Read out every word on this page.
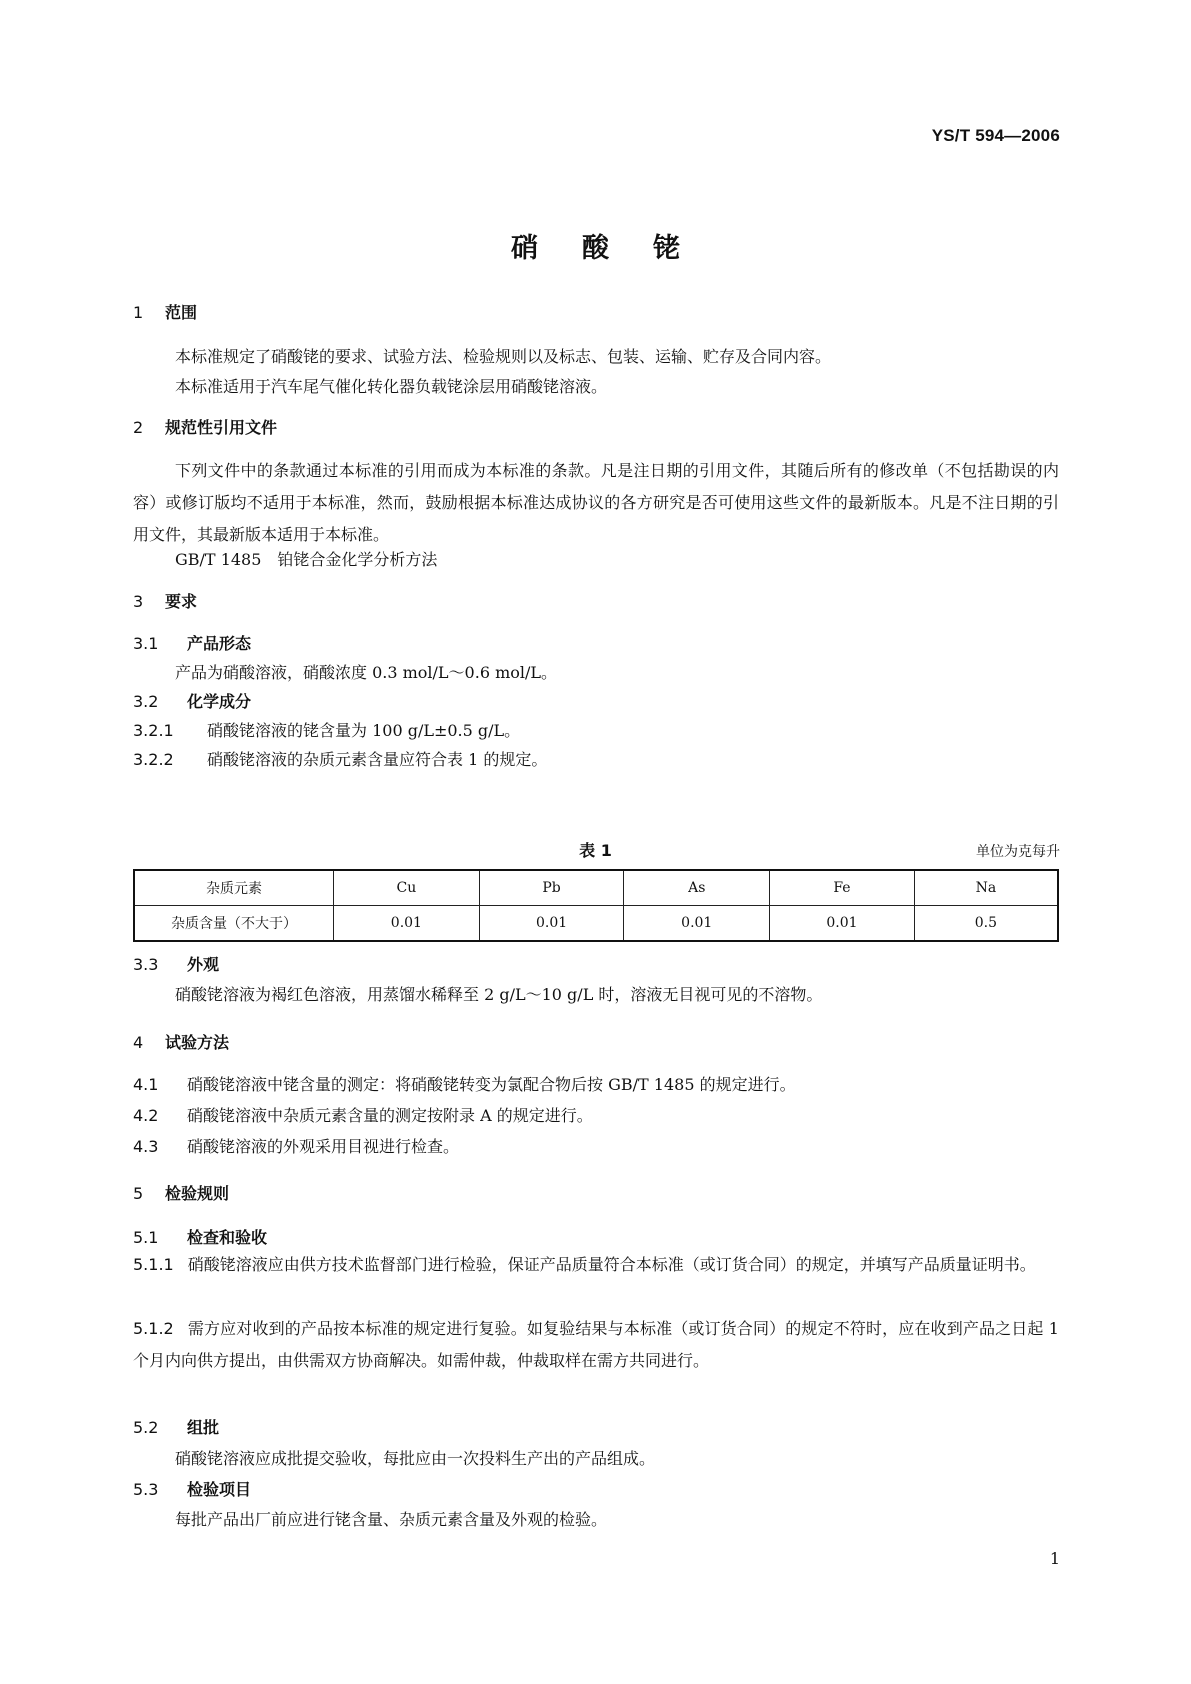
YS/T 594—2006
硝酸铑
1 范围
本标准规定了硝酸铑的要求、试验方法、检验规则以及标志、包装、运输、贮存及合同内容。
本标准适用于汽车尾气催化转化器负载铑涂层用硝酸铑溶液。
2 规范性引用文件
下列文件中的条款通过本标准的引用而成为本标准的条款。凡是注日期的引用文件，其随后所有的修改单（不包括勘误的内容）或修订版均不适用于本标准，然而，鼓励根据本标准达成协议的各方研究是否可使用这些文件的最新版本。凡是不注日期的引用文件，其最新版本适用于本标准。
GB/T 1485　铂铑合金化学分析方法
3 要求
3.1 产品形态
产品为硝酸溶液，硝酸浓度 0.3 mol/L～0.6 mol/L。
3.2 化学成分
3.2.1 硝酸铑溶液的铑含量为 100 g/L±0.5 g/L。
3.2.2 硝酸铑溶液的杂质元素含量应符合表 1 的规定。
表 1	单位为克每升
杂质元素	Cu	Pb	As	Fe	Na
杂质含量（不大于）	0.01	0.01	0.01	0.01	0.5
3.3 外观
硝酸铑溶液为褐红色溶液，用蒸馏水稀释至 2 g/L～10 g/L 时，溶液无目视可见的不溶物。
4 试验方法
4.1 硝酸铑溶液中铑含量的测定：将硝酸铑转变为氯配合物后按 GB/T 1485 的规定进行。
4.2 硝酸铑溶液中杂质元素含量的测定按附录 A 的规定进行。
4.3 硝酸铑溶液的外观采用目视进行检查。
5 检验规则
5.1 检查和验收
5.1.1 硝酸铑溶液应由供方技术监督部门进行检验，保证产品质量符合本标准（或订货合同）的规定，并填写产品质量证明书。
5.1.2 需方应对收到的产品按本标准的规定进行复验。如复验结果与本标准（或订货合同）的规定不符时，应在收到产品之日起 1 个月内向供方提出，由供需双方协商解决。如需仲裁，仲裁取样在需方共同进行。
5.2 组批
硝酸铑溶液应成批提交验收，每批应由一次投料生产出的产品组成。
5.3 检验项目
每批产品出厂前应进行铑含量、杂质元素含量及外观的检验。
1
